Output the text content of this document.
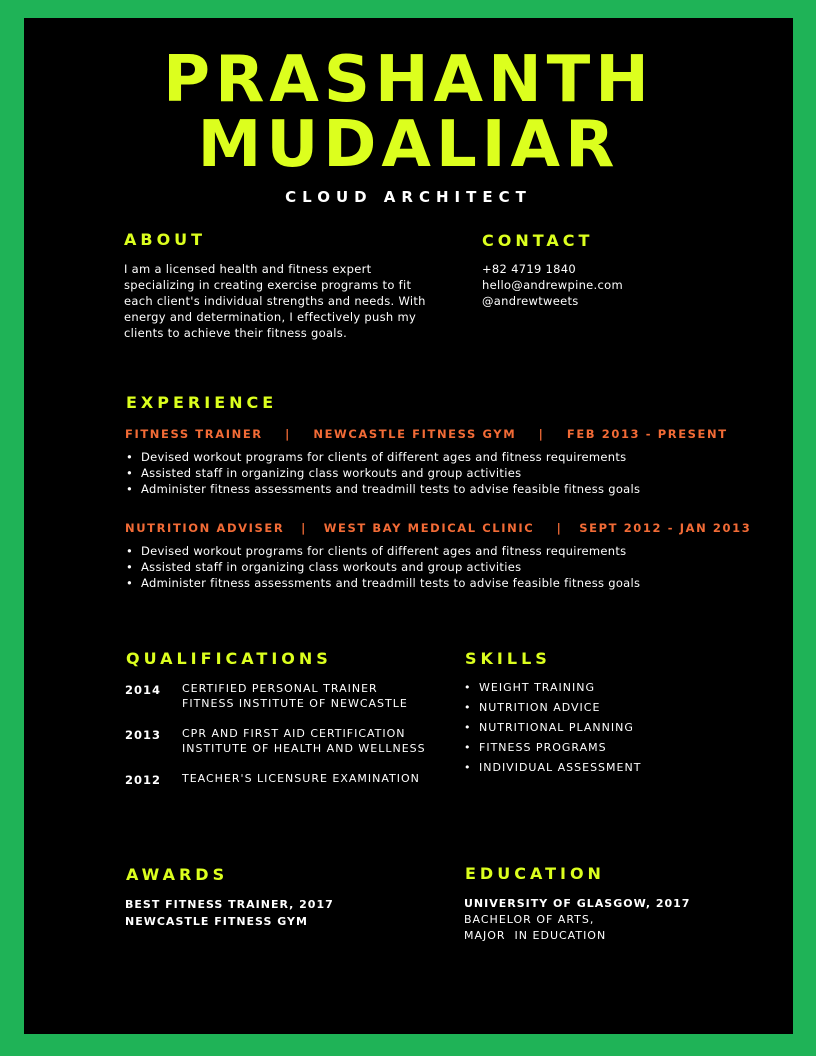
PRASHANTH
MUDALIAR
CLOUD ARCHITECT
ABOUT
I am a licensed health and fitness expert
specializing in creating exercise programs to fit
each client's individual strengths and needs. With
energy and determination, I effectively push my
clients to achieve their fitness goals.
CONTACT
+82 4719 1840
hello@andrewpine.com
@andrewtweets
EXPERIENCE
FITNESS TRAINER    |    NEWCASTLE FITNESS GYM    |    FEB 2013 - PRESENT
• Devised workout programs for clients of different ages and fitness requirements
• Assisted staff in organizing class workouts and group activities
• Administer fitness assessments and treadmill tests to advise feasible fitness goals
NUTRITION ADVISER   |   WEST BAY MEDICAL CLINIC    |   SEPT 2012 - JAN 2013
• Devised workout programs for clients of different ages and fitness requirements
• Assisted staff in organizing class workouts and group activities
• Administer fitness assessments and treadmill tests to advise feasible fitness goals
QUALIFICATIONS
2014 CERTIFIED PERSONAL TRAINER
FITNESS INSTITUTE OF NEWCASTLE
2013 CPR AND FIRST AID CERTIFICATION
INSTITUTE OF HEALTH AND WELLNESS
2012 TEACHER'S LICENSURE EXAMINATION
SKILLS
• WEIGHT TRAINING
• NUTRITION ADVICE
• NUTRITIONAL PLANNING
• FITNESS PROGRAMS
• INDIVIDUAL ASSESSMENT
AWARDS
BEST FITNESS TRAINER, 2017
NEWCASTLE FITNESS GYM
EDUCATION
UNIVERSITY OF GLASGOW, 2017
BACHELOR OF ARTS,
MAJOR  IN EDUCATION
